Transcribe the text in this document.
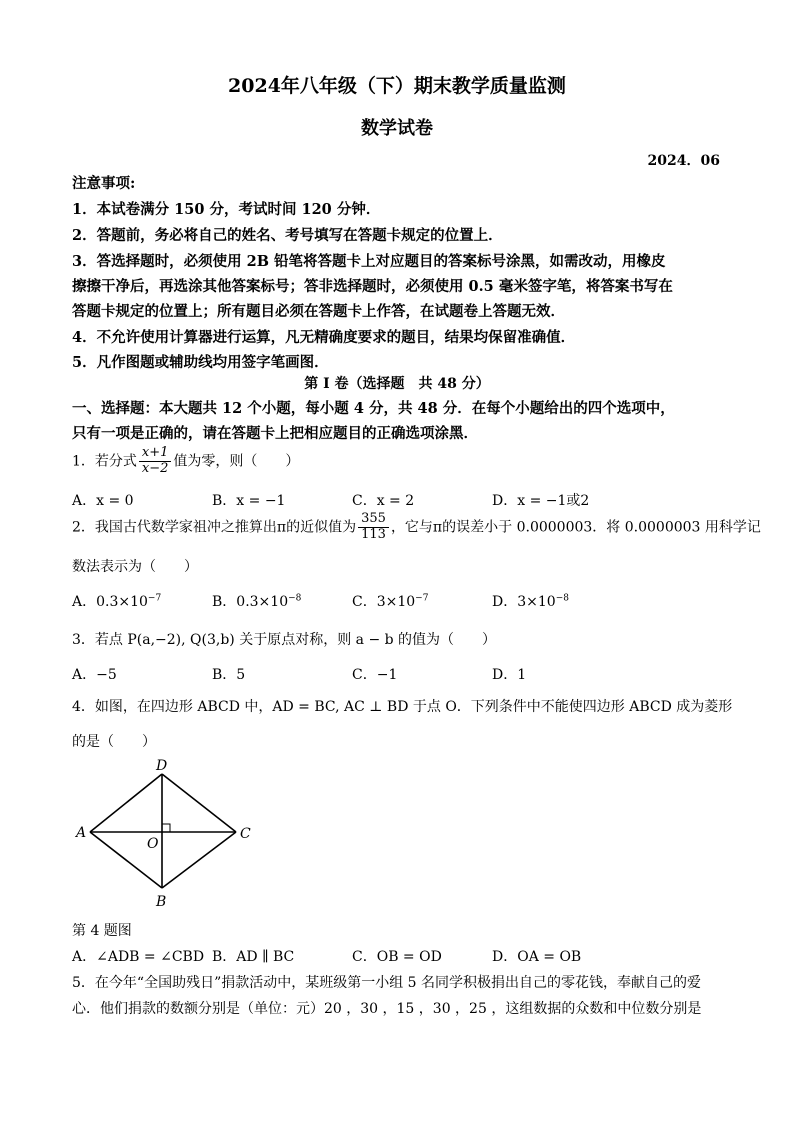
2024年八年级（下）期末教学质量监测
数学试卷
2024．06
注意事项:
1．本试卷满分 150 分，考试时间 120 分钟．
2．答题前，务必将自己的姓名、考号填写在答题卡规定的位置上．
3．答选择题时，必须使用 2B 铅笔将答题卡上对应题目的答案标号涂黑，如需改动，用橡皮
擦擦干净后，再选涂其他答案标号；答非选择题时，必须使用 0.5 毫米签字笔，将答案书写在
答题卡规定的位置上；所有题目必须在答题卡上作答，在试题卷上答题无效．
4．不允许使用计算器进行运算，凡无精确度要求的题目，结果均保留准确值．
5．凡作图题或辅助线均用签字笔画图．
第 I 卷（选择题　共 48 分）
一、选择题：本大题共 12 个小题，每小题 4 分，共 48 分．在每个小题给出的四个选项中，
只有一项是正确的，请在答题卡上把相应题目的正确选项涂黑．
1．若分式 $\frac{x+1}{x-2}$ 值为零，则（　　）
A．x = 0	B．x = −1	C．x = 2	D．x = −1或2
2．我国古代数学家祖冲之推算出π的近似值为 $\frac{355}{113}$ ，它与π的误差小于 0.0000003．将 0.0000003 用科学记
数法表示为（　　）
A．$0.3\times 10^{-7}$	B．$0.3\times 10^{-8}$	C．$3\times 10^{-7}$	D．$3\times 10^{-8}$
3．若点 P(a,−2), Q(3,b) 关于原点对称，则 a − b 的值为（　　）
A．−5	B．5	C．−1	D．1
4．如图，在四边形 ABCD 中，AD = BC, AC ⊥ BD 于点 O．下列条件中不能使四边形 ABCD 成为菱形
的是（　　）
D
A	C
B
O
第 4 题图
A．∠ADB = ∠CBD B．AD ∥ BC	C．OB = OD	D．OA = OB
5．在今年“全国助残日”捐款活动中，某班级第一小组 5 名同学积极捐出自己的零花钱，奉献自己的爱
心．他们捐款的数额分别是（单位：元）20 ，30 ，15 ，30 ，25 ，这组数据的众数和中位数分别是
